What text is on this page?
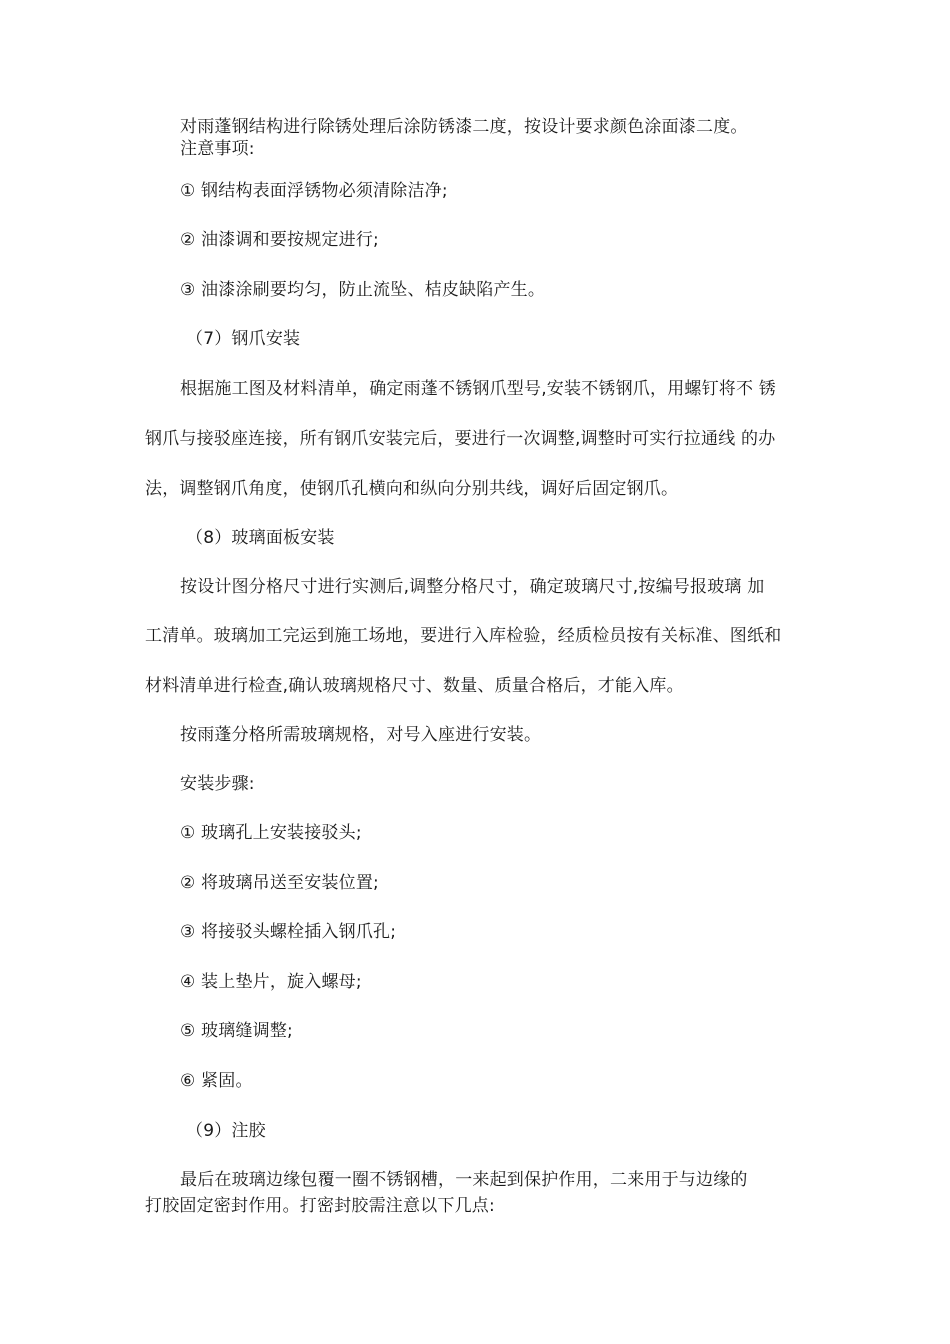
对雨蓬钢结构进行除锈处理后涂防锈漆二度，按设计要求颜色涂面漆二度。
注意事项:
① 钢结构表面浮锈物必须清除洁净;
② 油漆调和要按规定进行;
③ 油漆涂刷要均匀，防止流坠、桔皮缺陷产生。
（7）钢爪安装
根据施工图及材料清单，确定雨蓬不锈钢爪型号,安装不锈钢爪，用螺钉将不 锈
钢爪与接驳座连接，所有钢爪安装完后，要进行一次调整,调整时可实行拉通线 的办
法，调整钢爪角度，使钢爪孔横向和纵向分别共线，调好后固定钢爪。
（8）玻璃面板安装
按设计图分格尺寸进行实测后,调整分格尺寸，确定玻璃尺寸,按编号报玻璃 加
工清单。玻璃加工完运到施工场地，要进行入库检验，经质检员按有关标准、图纸和
材料清单进行检查,确认玻璃规格尺寸、数量、质量合格后，才能入库。
按雨蓬分格所需玻璃规格，对号入座进行安装。
安装步骤:
① 玻璃孔上安装接驳头;
② 将玻璃吊送至安装位置;
③ 将接驳头螺栓插入钢爪孔;
④ 装上垫片，旋入螺母;
⑤ 玻璃缝调整;
⑥ 紧固。
（9）注胶
最后在玻璃边缘包覆一圈不锈钢槽，一来起到保护作用，二来用于与边缘的
打胶固定密封作用。打密封胶需注意以下几点:
